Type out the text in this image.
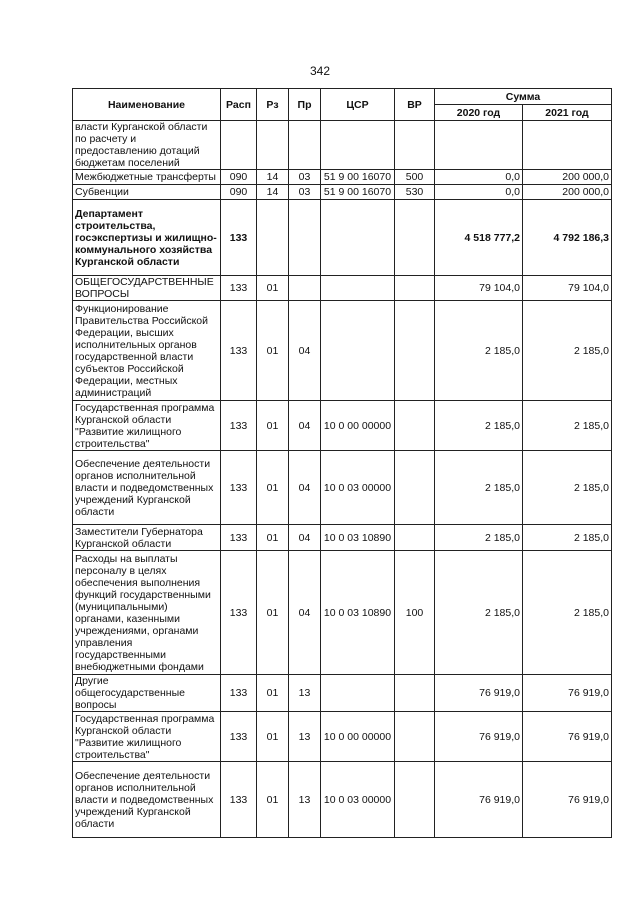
342
Наименование	Расп	Рз	Пр	ЦСР	ВР	Сумма	
						2020 год	2021 год
власти Курганской области по расчету и предоставлению дотаций бюджетам поселений							
Межбюджетные трансферты	090	14	03	51 9 00 16070	500	0,0	200 000,0
Субвенции	090	14	03	51 9 00 16070	530	0,0	200 000,0
Департамент строительства, госэкспертизы и жилищно-коммунального хозяйства Курганской области	133					4 518 777,2	4 792 186,3
ОБЩЕГОСУДАРСТВЕННЫЕ ВОПРОСЫ	133	01				79 104,0	79 104,0
Функционирование Правительства Российской Федерации, высших исполнительных органов государственной власти субъектов Российской Федерации, местных администраций	133	01	04			2 185,0	2 185,0
Государственная программа Курганской области "Развитие жилищного строительства"	133	01	04	10 0 00 00000		2 185,0	2 185,0
Обеспечение деятельности органов исполнительной власти и подведомственных учреждений Курганской области	133	01	04	10 0 03 00000		2 185,0	2 185,0
Заместители Губернатора Курганской области	133	01	04	10 0 03 10890		2 185,0	2 185,0
Расходы на выплаты персоналу в целях обеспечения выполнения функций государственными (муниципальными) органами, казенными учреждениями, органами управления государственными внебюджетными фондами	133	01	04	10 0 03 10890	100	2 185,0	2 185,0
Другие общегосударственные вопросы	133	01	13			76 919,0	76 919,0
Государственная программа Курганской области "Развитие жилищного строительства"	133	01	13	10 0 00 00000		76 919,0	76 919,0
Обеспечение деятельности органов исполнительной власти и подведомственных учреждений Курганской области	133	01	13	10 0 03 00000		76 919,0	76 919,0
